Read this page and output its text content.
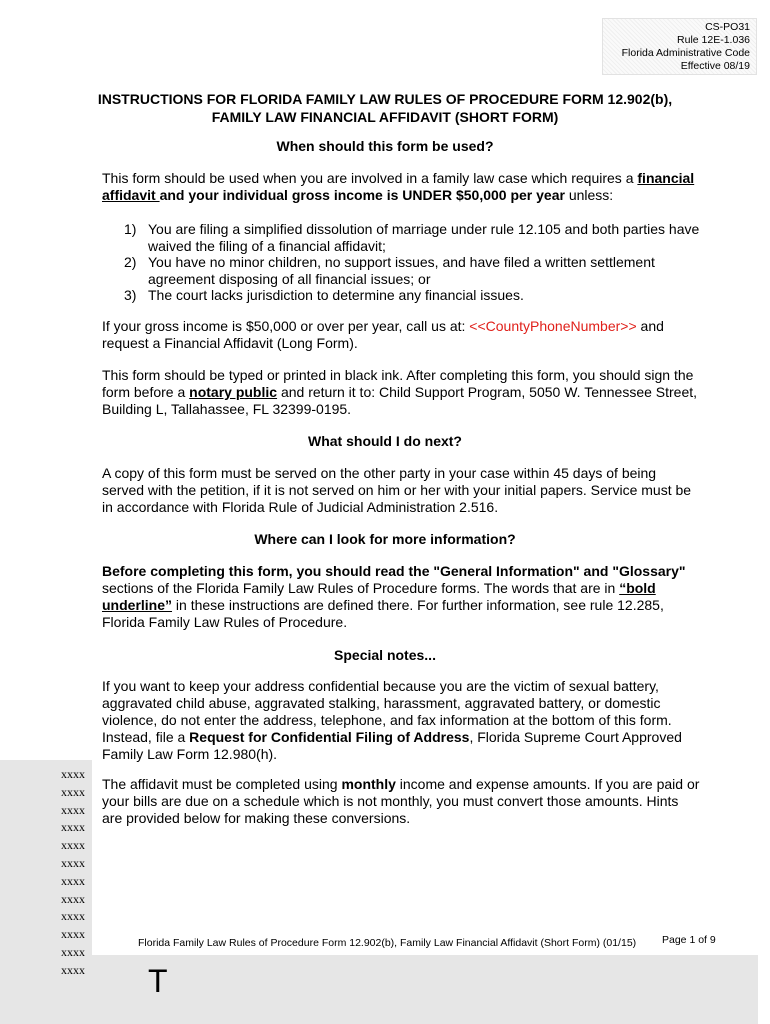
CS-PO31
Rule 12E-1.036
Florida Administrative Code
Effective 08/19
INSTRUCTIONS FOR FLORIDA FAMILY LAW RULES OF PROCEDURE FORM 12.902(b),
FAMILY LAW FINANCIAL AFFIDAVIT (SHORT FORM)
When should this form be used?
This form should be used when you are involved in a family law case which requires a financial affidavit and your individual gross income is UNDER $50,000 per year unless:
1) You are filing a simplified dissolution of marriage under rule 12.105 and both parties have waived the filing of a financial affidavit;
2) You have no minor children, no support issues, and have filed a written settlement agreement disposing of all financial issues; or
3) The court lacks jurisdiction to determine any financial issues.
If your gross income is $50,000 or over per year, call us at: <<CountyPhoneNumber>> and request a Financial Affidavit (Long Form).
This form should be typed or printed in black ink. After completing this form, you should sign the form before a notary public and return it to: Child Support Program, 5050 W. Tennessee Street, Building L, Tallahassee, FL 32399-0195.
What should I do next?
A copy of this form must be served on the other party in your case within 45 days of being served with the petition, if it is not served on him or her with your initial papers. Service must be in accordance with Florida Rule of Judicial Administration 2.516.
Where can I look for more information?
Before completing this form, you should read the "General Information" and "Glossary" sections of the Florida Family Law Rules of Procedure forms. The words that are in “bold underline” in these instructions are defined there. For further information, see rule 12.285, Florida Family Law Rules of Procedure.
Special notes...
If you want to keep your address confidential because you are the victim of sexual battery, aggravated child abuse, aggravated stalking, harassment, aggravated battery, or domestic violence, do not enter the address, telephone, and fax information at the bottom of this form. Instead, file a Request for Confidential Filing of Address, Florida Supreme Court Approved Family Law Form 12.980(h).
xxxx
xxxx
xxxx
xxxx
xxxx
xxxx
xxxx
xxxx
xxxx
xxxx
xxxx
xxxx
The affidavit must be completed using monthly income and expense amounts. If you are paid or your bills are due on a schedule which is not monthly, you must convert those amounts. Hints are provided below for making these conversions.
Florida Family Law Rules of Procedure Form 12.902(b), Family Law Financial Affidavit (Short Form) (01/15) Page 1 of 9
T
